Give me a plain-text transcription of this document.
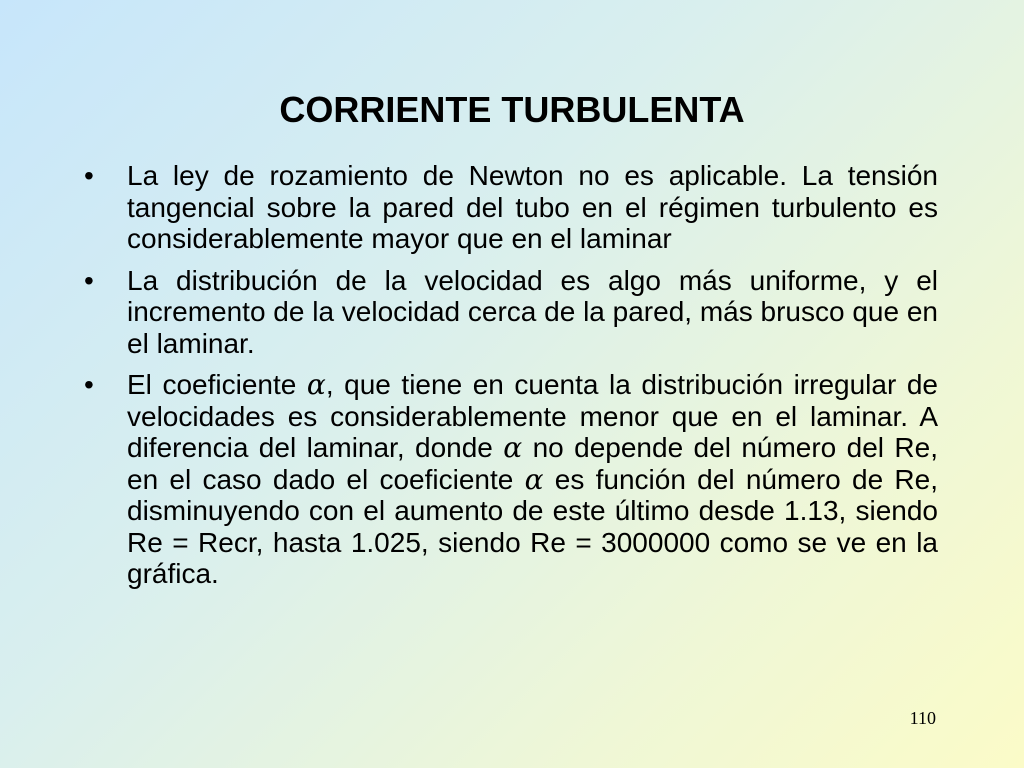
CORRIENTE TURBULENTA
• La ley de rozamiento de Newton no es aplicable. La tensión tangencial sobre la pared del tubo en el régimen turbulento es considerablemente mayor que en el laminar
• La distribución de la velocidad es algo más uniforme, y el incremento de la velocidad cerca de la pared, más brusco que en el laminar.
• El coeficiente α, que tiene en cuenta la distribución irregular de velocidades es considerablemente menor que en el laminar. A diferencia del laminar, donde α no depende del número del Re, en el caso dado el coeficiente α es función del número de Re, disminuyendo con el aumento de este último desde 1.13, siendo Re = Recr, hasta 1.025, siendo Re = 3000000 como se ve en la gráfica.
110
